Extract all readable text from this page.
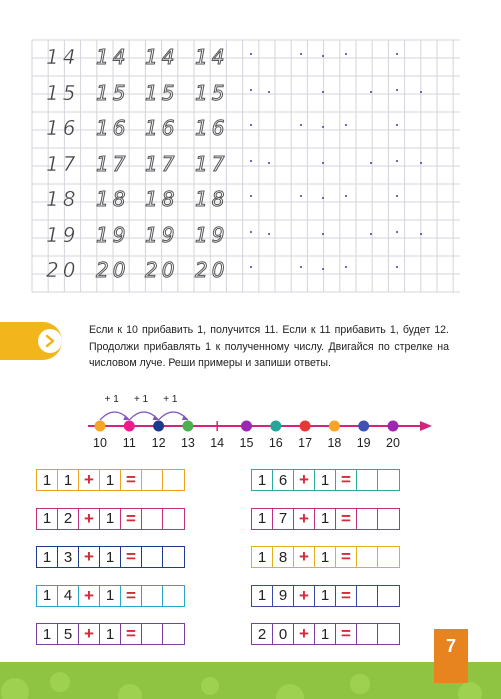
14 14 14 14
15 15 15 15
16 16 16 16
17 17 17 17
18 18 18 18
19 19 19 19
20 20 20 20
Если к 10 прибавить 1, получится 11. Если к 11 прибавить 1, будет 12. Продолжи прибавлять 1 к полученному числу. Двигайся по стрелке на числовом луче. Реши примеры и запиши ответы.
10	11	12	13	14	15	16	17	18	19	20
+ 1 + 1 + 1
1 1 + 1 =
1 2 + 1 =
1 3 + 1 =
1 4 + 1 =
1 5 + 1 =
1 6 + 1 =
1 7 + 1 =
1 8 + 1 =
1 9 + 1 =
2 0 + 1 =
7
